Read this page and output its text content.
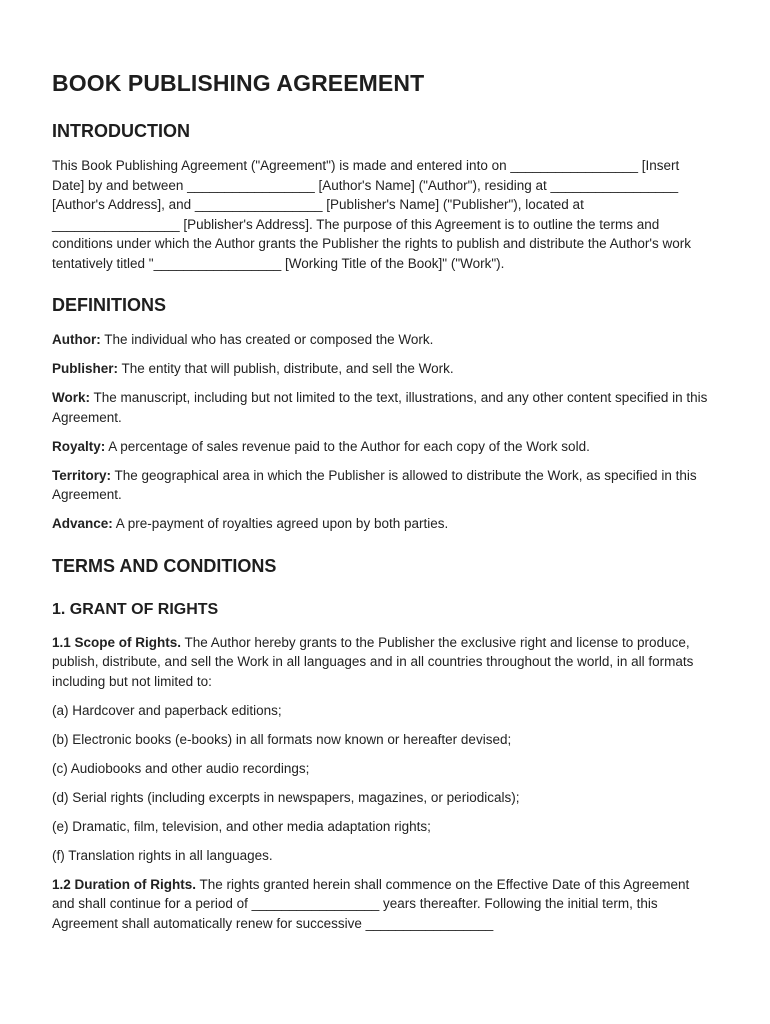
BOOK PUBLISHING AGREEMENT
INTRODUCTION

This Book Publishing Agreement ("Agreement") is made and entered into on _________________ [Insert Date] by and between _________________ [Author's Name] ("Author"), residing at _________________ [Author's Address], and _________________ [Publisher's Name] ("Publisher"), located at _________________ [Publisher's Address]. The purpose of this Agreement is to outline the terms and conditions under which the Author grants the Publisher the rights to publish and distribute the Author's work tentatively titled "_________________ [Working Title of the Book]" ("Work").

DEFINITIONS

Author: The individual who has created or composed the Work.

Publisher: The entity that will publish, distribute, and sell the Work.

Work: The manuscript, including but not limited to the text, illustrations, and any other content specified in this Agreement.

Royalty: A percentage of sales revenue paid to the Author for each copy of the Work sold.

Territory: The geographical area in which the Publisher is allowed to distribute the Work, as specified in this Agreement.

Advance: A pre-payment of royalties agreed upon by both parties.

TERMS AND CONDITIONS
1. GRANT OF RIGHTS

1.1 Scope of Rights. The Author hereby grants to the Publisher the exclusive right and license to produce, publish, distribute, and sell the Work in all languages and in all countries throughout the world, in all formats including but not limited to:

(a) Hardcover and paperback editions;

(b) Electronic books (e-books) in all formats now known or hereafter devised;

(c) Audiobooks and other audio recordings;

(d) Serial rights (including excerpts in newspapers, magazines, or periodicals);

(e) Dramatic, film, television, and other media adaptation rights;

(f) Translation rights in all languages.

1.2 Duration of Rights. The rights granted herein shall commence on the Effective Date of this Agreement and shall continue for a period of _________________ years thereafter. Following the initial term, this Agreement shall automatically renew for successive _________________
